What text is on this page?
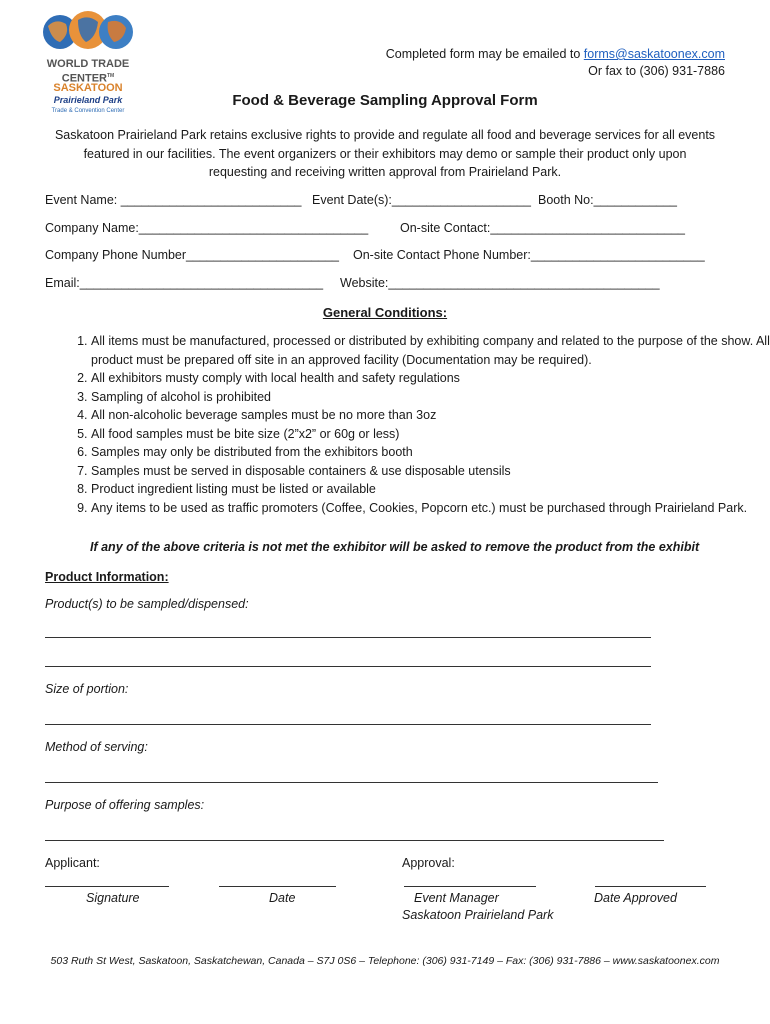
WORLD TRADE
CENTER™
SASKATOON
Prairieland Park
Trade & Convention Center
Completed form may be emailed to forms@saskatoonex.com
Or fax to (306) 931-7886
Food & Beverage Sampling Approval Form
Saskatoon Prairieland Park retains exclusive rights to provide and regulate all food and beverage services for all events
featured in our facilities. The event organizers or their exhibitors may demo or sample their product only upon
requesting and receiving written approval from Prairieland Park.
Event Name: __________________________ Event Date(s):____________________ Booth No:____________
Company Name:_________________________________	On-site Contact:____________________________
Company Phone Number______________________ On-site Contact Phone Number:_________________________
Email:___________________________________ Website:_______________________________________
General Conditions:
1. All items must be manufactured, processed or distributed by exhibiting company and related to the purpose of the show. All product must be prepared off site in an approved facility (Documentation may be required).
2. All exhibitors musty comply with local health and safety regulations
3. Sampling of alcohol is prohibited
4. All non-alcoholic beverage samples must be no more than 3oz
5. All food samples must be bite size (2”x2” or 60g or less)
6. Samples may only be distributed from the exhibitors booth
7. Samples must be served in disposable containers & use disposable utensils
8. Product ingredient listing must be listed or available
9. Any items to be used as traffic promoters (Coffee, Cookies, Popcorn etc.) must be purchased through Prairieland Park.
If any of the above criteria is not met the exhibitor will be asked to remove the product from the exhibit
Product Information:
Product(s) to be sampled/dispensed:
Size of portion:
Method of serving:
Purpose of offering samples:
Applicant:	Approval:
Signature	Date	Event Manager	Date Approved
Saskatoon Prairieland Park
503 Ruth St West, Saskatoon, Saskatchewan, Canada – S7J 0S6 – Telephone: (306) 931-7149 – Fax: (306) 931-7886 – www.saskatoonex.com
